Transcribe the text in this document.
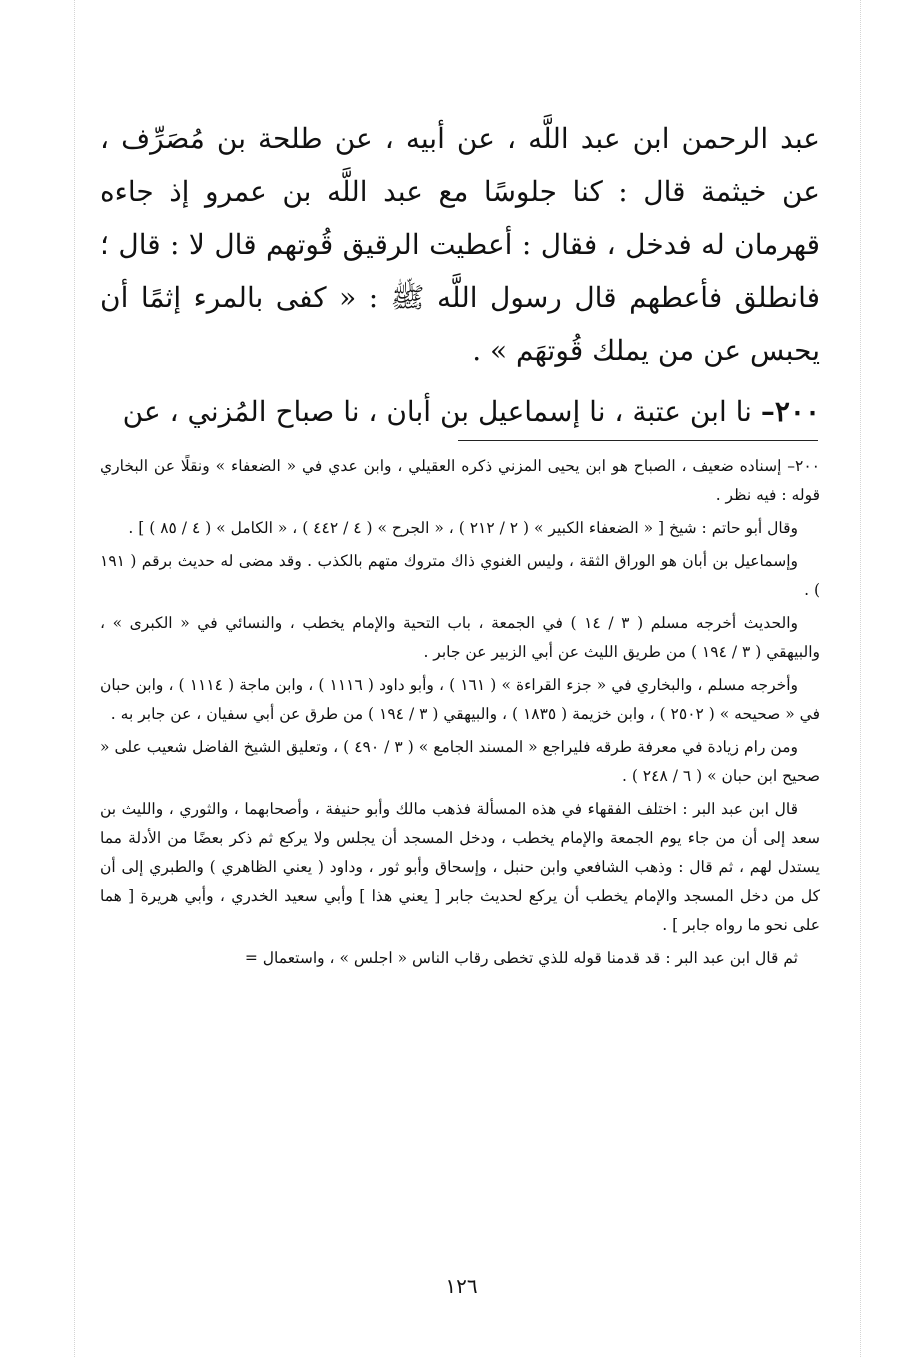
عبد الرحمن ابن عبد اللَّه ، عن أبيه ، عن طلحة بن مُصَرِّف ، عن خيثمة قال : كنا جلوسًا مع عبد اللَّه بن عمرو إذ جاءه قهرمان له فدخل ، فقال : أعطيت الرقيق قُوتهم قال لا : قال ؛ فانطلق فأعطهم قال رسول اللَّه ﷺ : « كفى بالمرء إثمًا أن يحبس عن من يملك قُوتهَم » .

٢٠٠– نا ابن عتبة ، نا إسماعيل بن أبان ، نا صباح المُزني ، عن

٢٠٠– إسناده ضعيف ، الصباح هو ابن يحيى المزني ذكره العقيلي ، وابن عدي في « الضعفاء » ونقلًا عن البخاري قوله : فيه نظر .

وقال أبو حاتم : شيخ [ « الضعفاء الكبير » ( ٢ / ٢١٢ ) ، « الجرح » ( ٤ / ٤٤٢ ) ، « الكامل » ( ٤ / ٨٥ ) ] .

وإسماعيل بن أبان هو الوراق الثقة ، وليس الغنوي ذاك متروك متهم بالكذب . وقد مضى له حديث برقم ( ١٩١ ) .

والحديث أخرجه مسلم ( ٣ / ١٤ ) في الجمعة ، باب التحية والإمام يخطب ، والنسائي في « الكبرى » ، والبيهقي ( ٣ / ١٩٤ ) من طريق الليث عن أبي الزبير عن جابر .

وأخرجه مسلم ، والبخاري في « جزء القراءة » ( ١٦١ ) ، وأبو داود ( ١١١٦ ) ، وابن ماجة ( ١١١٤ ) ، وابن حبان في « صحيحه » ( ٢٥٠٢ ) ، وابن خزيمة ( ١٨٣٥ ) ، والبيهقي ( ٣ / ١٩٤ ) من طرق عن أبي سفيان ، عن جابر به .

ومن رام زيادة في معرفة طرقه فليراجع « المسند الجامع » ( ٣ / ٤٩٠ ) ، وتعليق الشيخ الفاضل شعيب على « صحيح ابن حبان » ( ٦ / ٢٤٨ ) .

قال ابن عبد البر : اختلف الفقهاء في هذه المسألة فذهب مالك وأبو حنيفة ، وأصحابهما ، والثوري ، والليث بن سعد إلى أن من جاء يوم الجمعة والإمام يخطب ، ودخل المسجد أن يجلس ولا يركع ثم ذكر بعضًا من الأدلة مما يستدل لهم ، ثم قال : وذهب الشافعي وابن حنبل ، وإسحاق وأبو ثور ، وداود ( يعني الظاهري ) والطبري إلى أن كل من دخل المسجد والإمام يخطب أن يركع لحديث جابر [ يعني هذا ] وأبي سعيد الخدري ، وأبي هريرة [ هما على نحو ما رواه جابر ] .

ثم قال ابن عبد البر : قد قدمنا قوله للذي تخطى رقاب الناس « اجلس » ، واستعمال =

١٢٦
